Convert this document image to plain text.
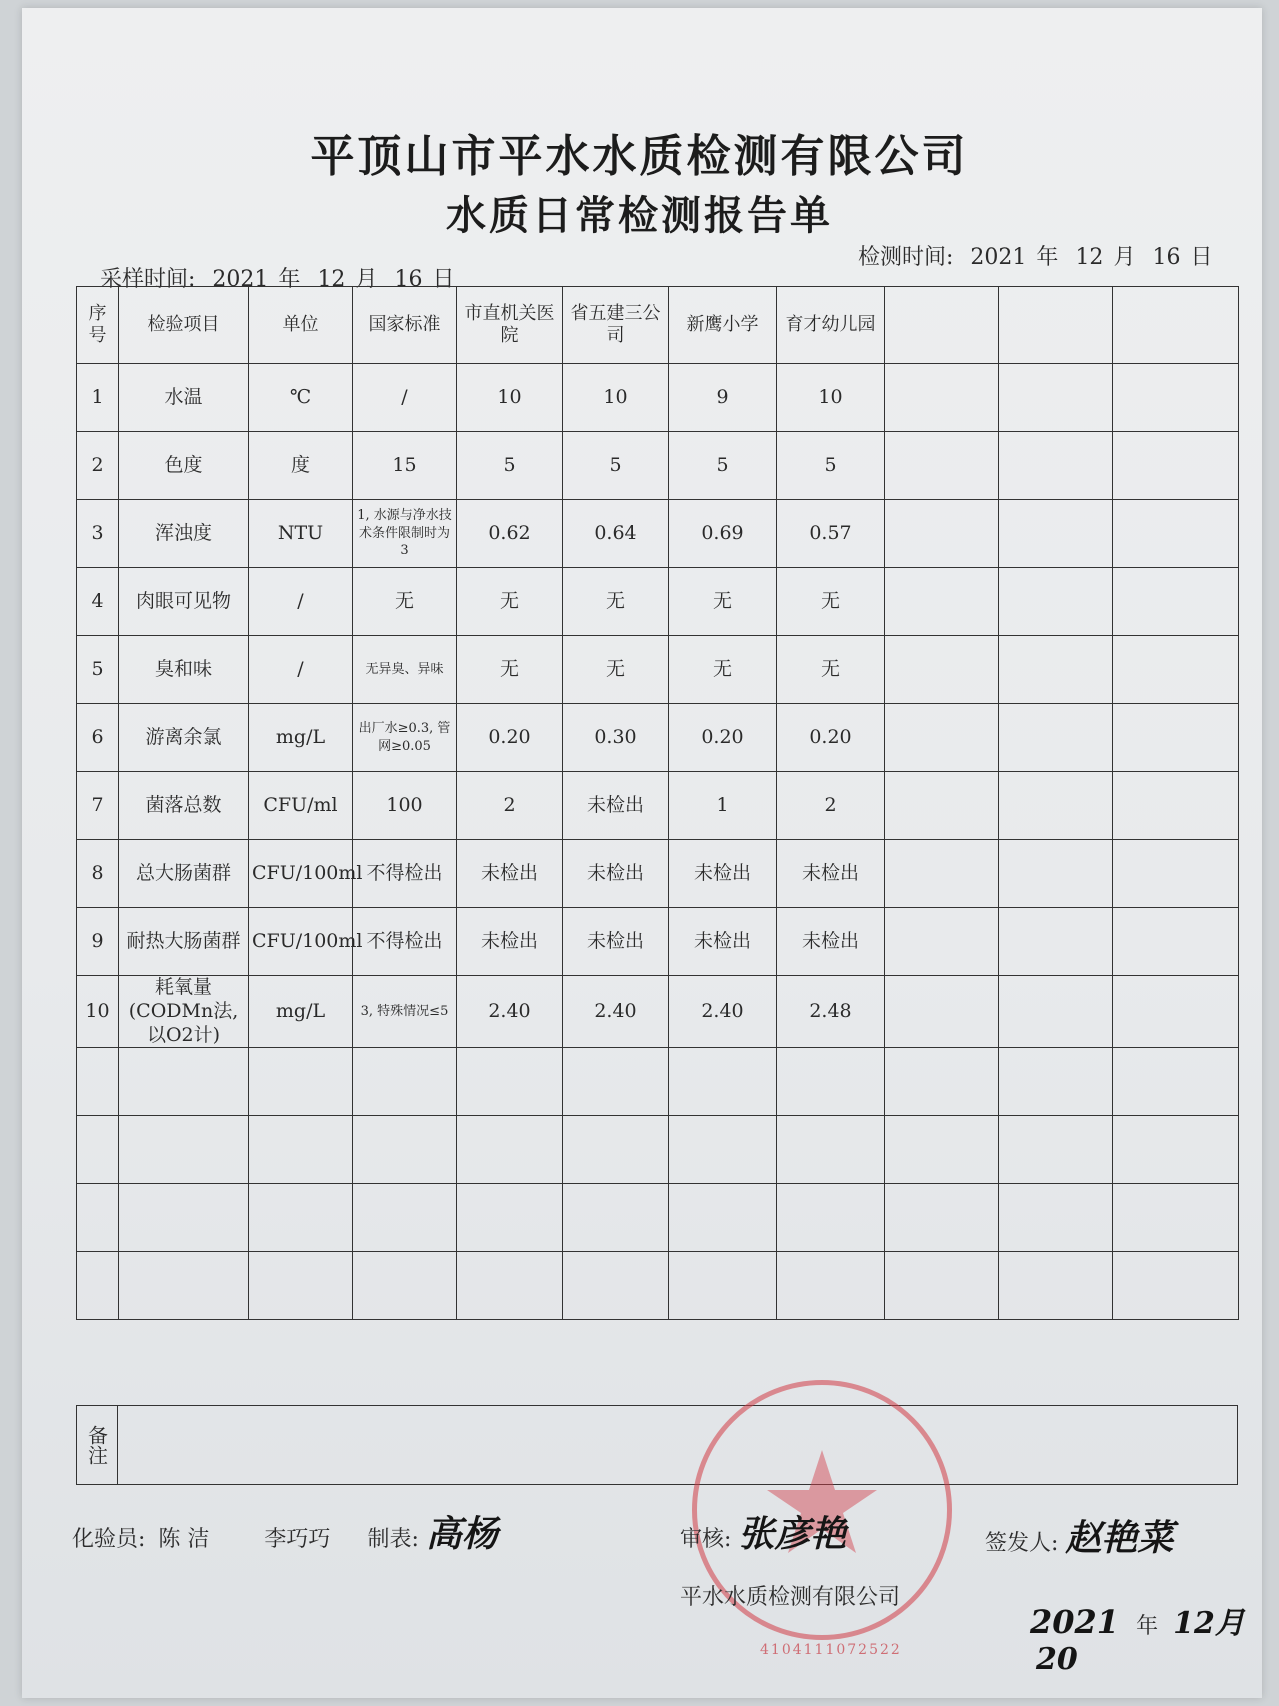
平顶山市平水水质检测有限公司
水质日常检测报告单
采样时间: 2021 年 12 月 16 日
检测时间: 2021 年 12 月 16 日
序号	检验项目	单位	国家标准	市直机关医院	省五建三公司	新鹰小学	育才幼儿园			
1	水温	℃	/	10	10	9	10			
2	色度	度	15	5	5	5	5			
3	浑浊度	NTU	1, 水源与净水技术条件限制时为3	0.62	0.64	0.69	0.57			
4	肉眼可见物	/	无	无	无	无	无			
5	臭和味	/	无异臭、异味	无	无	无	无			
6	游离余氯	mg/L	出厂水≥0.3, 管网≥0.05	0.20	0.30	0.20	0.20			
7	菌落总数	CFU/ml	100	2	未检出	1	2			
8	总大肠菌群	CFU/100ml	不得检出	未检出	未检出	未检出	未检出			
9	耐热大肠菌群	CFU/100ml	不得检出	未检出	未检出	未检出	未检出			
10	耗氧量(CODMn法,以O2计)	mg/L	3, 特殊情况≤5	2.40	2.40	2.40	2.48			

备注
4104111072522
化验员: 陈 洁	李巧巧 制表: 高杨	审核: 张彦艳	签发人: 赵艳菜
平水水质检测有限公司
2021 年 12月 20
